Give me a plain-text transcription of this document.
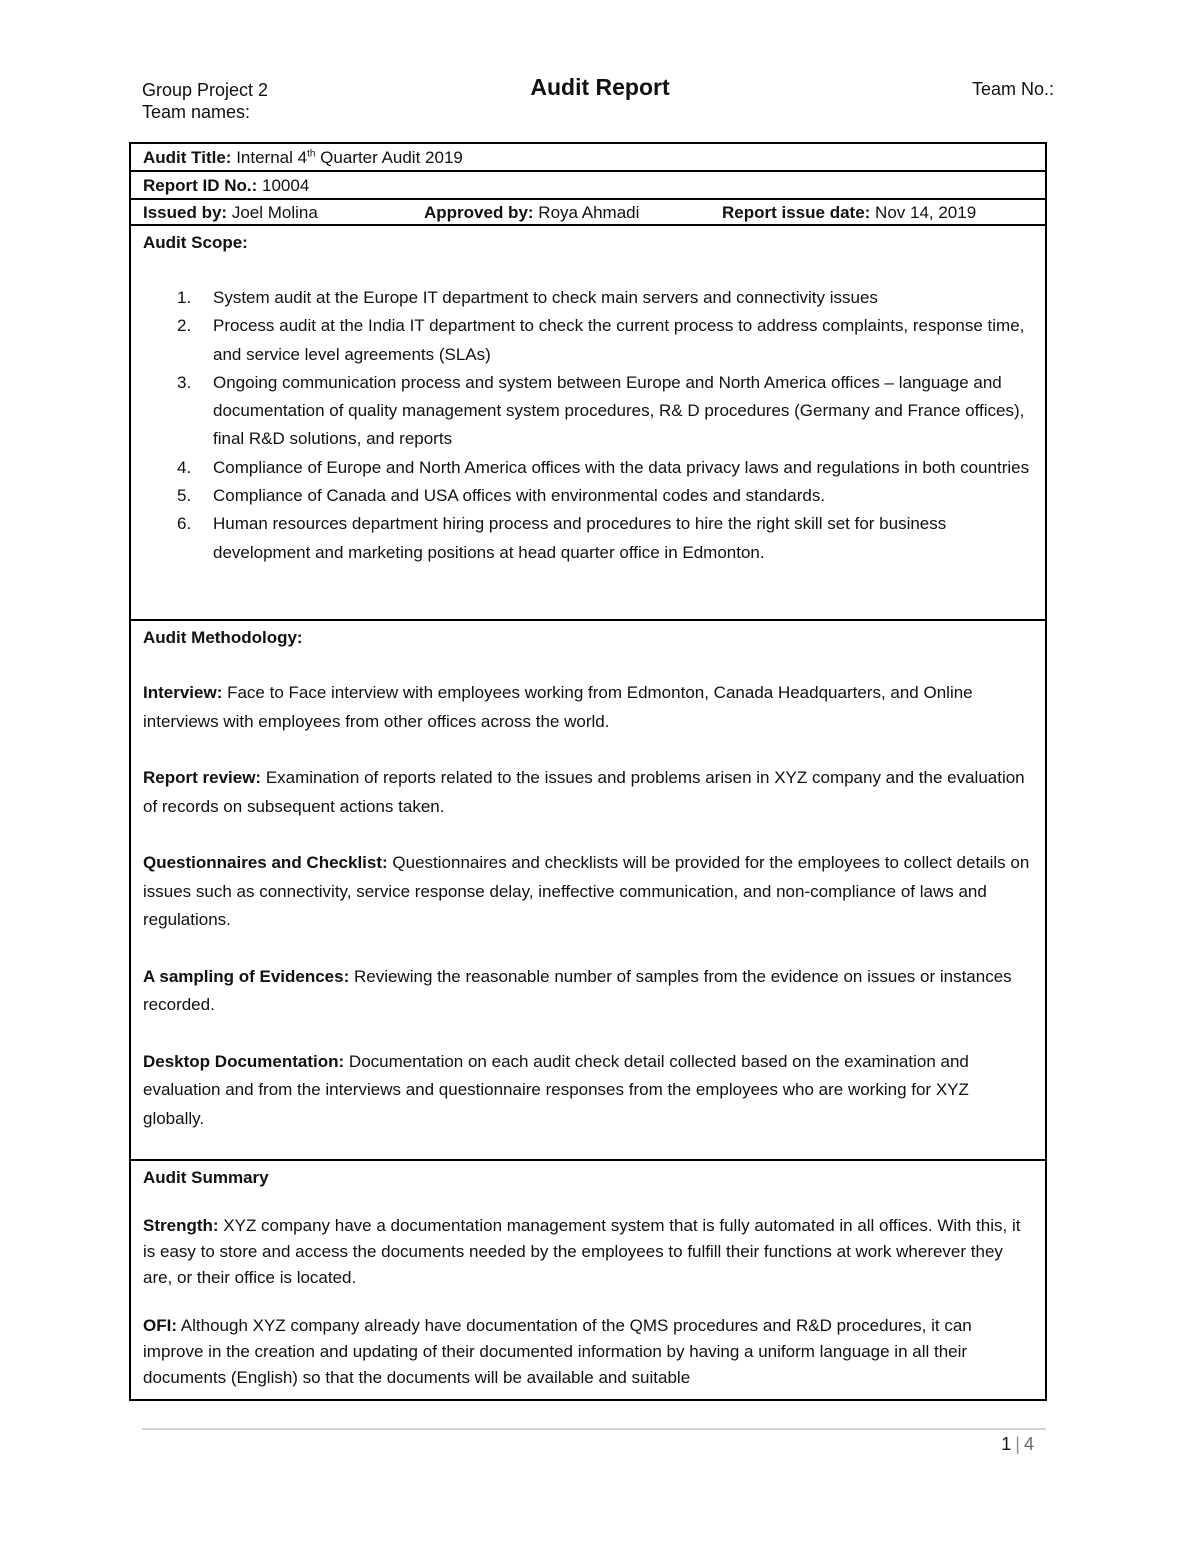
Group Project 2
Team names:
Audit Report	Team No.:
Audit Title: Internal 4th Quarter Audit 2019
Report ID No.: 10004
Issued by: Joel Molina	Approved by: Roya Ahmadi	Report issue date: Nov 14, 2019
Audit Scope:
1. System audit at the Europe IT department to check main servers and connectivity issues
2. Process audit at the India IT department to check the current process to address complaints, response time, and service level agreements (SLAs)
3. Ongoing communication process and system between Europe and North America offices – language and documentation of quality management system procedures, R& D procedures (Germany and France offices), final R&D solutions, and reports
4. Compliance of Europe and North America offices with the data privacy laws and regulations in both countries
5. Compliance of Canada and USA offices with environmental codes and standards.
6. Human resources department hiring process and procedures to hire the right skill set for business development and marketing positions at head quarter office in Edmonton.
Audit Methodology:
Interview: Face to Face interview with employees working from Edmonton, Canada Headquarters, and Online interviews with employees from other offices across the world.
Report review: Examination of reports related to the issues and problems arisen in XYZ company and the evaluation of records on subsequent actions taken.
Questionnaires and Checklist: Questionnaires and checklists will be provided for the employees to collect details on issues such as connectivity, service response delay, ineffective communication, and non-compliance of laws and regulations.
A sampling of Evidences: Reviewing the reasonable number of samples from the evidence on issues or instances recorded.
Desktop Documentation: Documentation on each audit check detail collected based on the examination and evaluation and from the interviews and questionnaire responses from the employees who are working for XYZ globally.
Audit Summary
Strength: XYZ company have a documentation management system that is fully automated in all offices. With this, it is easy to store and access the documents needed by the employees to fulfill their functions at work wherever they are, or their office is located.
OFI: Although XYZ company already have documentation of the QMS procedures and R&D procedures, it can improve in the creation and updating of their documented information by having a uniform language in all their documents (English) so that the documents will be available and suitable
1 | 4
